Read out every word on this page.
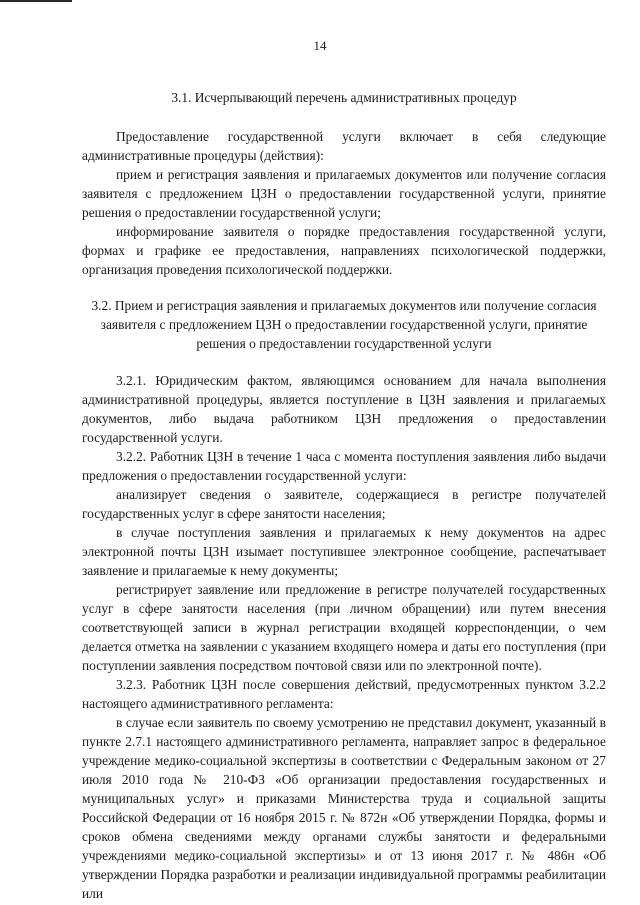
14
3.1. Исчерпывающий перечень административных процедур

Предоставление государственной услуги включает в себя следующие административные процедуры (действия):

прием и регистрация заявления и прилагаемых документов или получение согласия заявителя с предложением ЦЗН о предоставлении государственной услуги, принятие решения о предоставлении государственной услуги;

информирование заявителя о порядке предоставления государственной услуги, формах и графике ее предоставления, направлениях психологической поддержки, организация проведения психологической поддержки.

3.2. Прием и регистрация заявления и прилагаемых документов или получение согласия заявителя с предложением ЦЗН о предоставлении государственной услуги, принятие решения о предоставлении государственной услуги

3.2.1. Юридическим фактом, являющимся основанием для начала выполнения административной процедуры, является поступление в ЦЗН заявления и прилагаемых документов, либо выдача работником ЦЗН предложения о предоставлении государственной услуги.

3.2.2. Работник ЦЗН в течение 1 часа с момента поступления заявления либо выдачи предложения о предоставлении государственной услуги:

анализирует сведения о заявителе, содержащиеся в регистре получателей государственных услуг в сфере занятости населения;

в случае поступления заявления и прилагаемых к нему документов на адрес электронной почты ЦЗН изымает поступившее электронное сообщение, распечатывает заявление и прилагаемые к нему документы;

регистрирует заявление или предложение в регистре получателей государственных услуг в сфере занятости населения (при личном обращении) или путем внесения соответствующей записи в журнал регистрации входящей корреспонденции, о чем делается отметка на заявлении с указанием входящего номера и даты его поступления (при поступлении заявления посредством почтовой связи или по электронной почте).

3.2.3. Работник ЦЗН после совершения действий, предусмотренных пунктом 3.2.2 настоящего административного регламента:

в случае если заявитель по своему усмотрению не представил документ, указанный в пункте 2.7.1 настоящего административного регламента, направляет запрос в федеральное учреждение медико-социальной экспертизы в соответствии с Федеральным законом от 27 июля 2010 года № 210-ФЗ «Об организации предоставления государственных и муниципальных услуг» и приказами Министерства труда и социальной защиты Российской Федерации от 16 ноября 2015 г. № 872н «Об утверждении Порядка, формы и сроков обмена сведениями между органами службы занятости и федеральными учреждениями медико-социальной экспертизы» и от 13 июня 2017 г. № 486н «Об утверждении Порядка разработки и реализации индивидуальной программы реабилитации или
